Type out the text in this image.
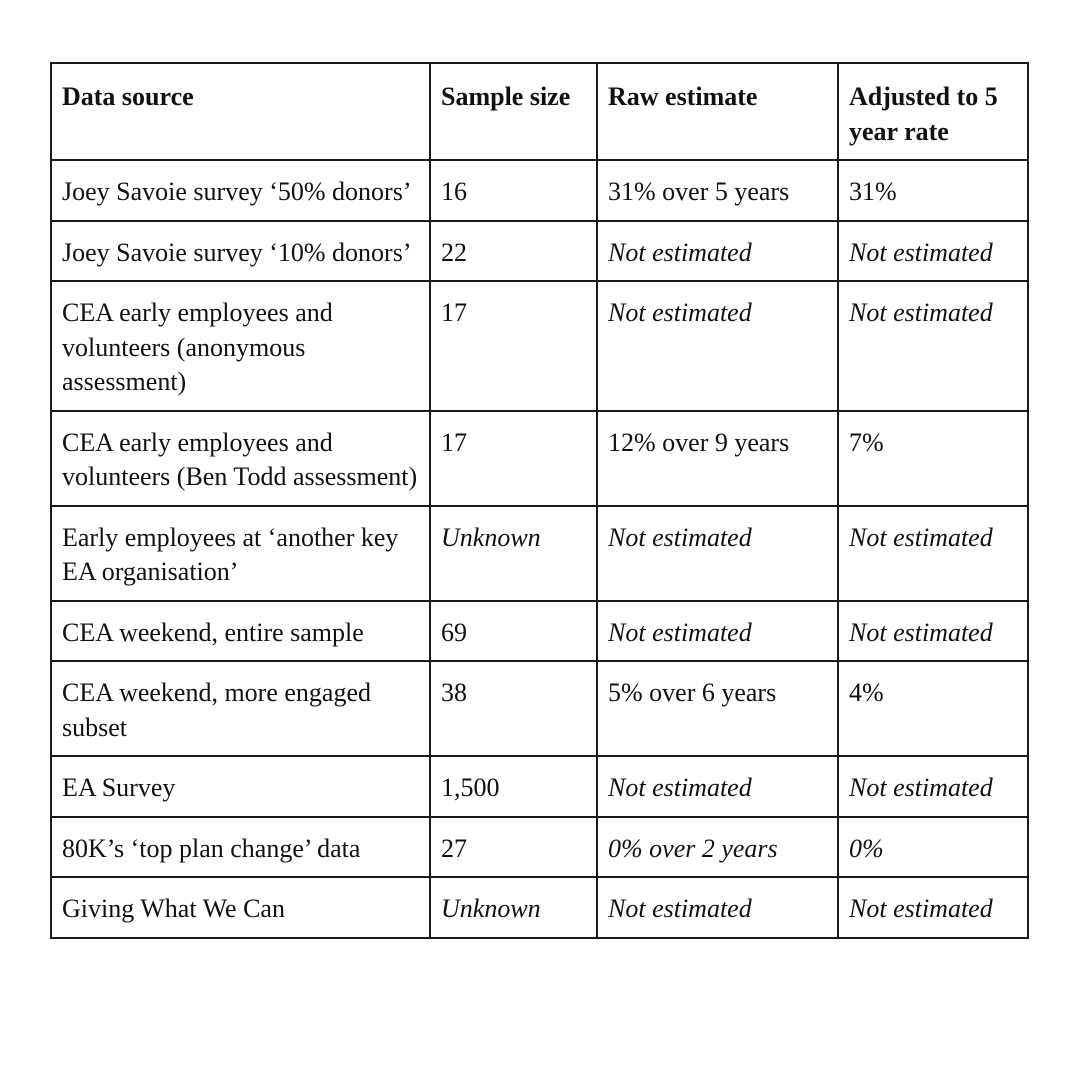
Data source	Sample size	Raw estimate	Adjusted to 5 year rate
Joey Savoie survey ‘50% donors’	16	31% over 5 years	31%
Joey Savoie survey ‘10% donors’	22	Not estimated	Not estimated
CEA early employees and volunteers (anonymous assessment)	17	Not estimated	Not estimated
CEA early employees and volunteers (Ben Todd assessment)	17	12% over 9 years	7%
Early employees at ‘another key EA organisation’	Unknown	Not estimated	Not estimated
CEA weekend, entire sample	69	Not estimated	Not estimated
CEA weekend, more engaged subset	38	5% over 6 years	4%
EA Survey	1,500	Not estimated	Not estimated
80K’s ‘top plan change’ data	27	0% over 2 years	0%
Giving What We Can	Unknown	Not estimated	Not estimated
